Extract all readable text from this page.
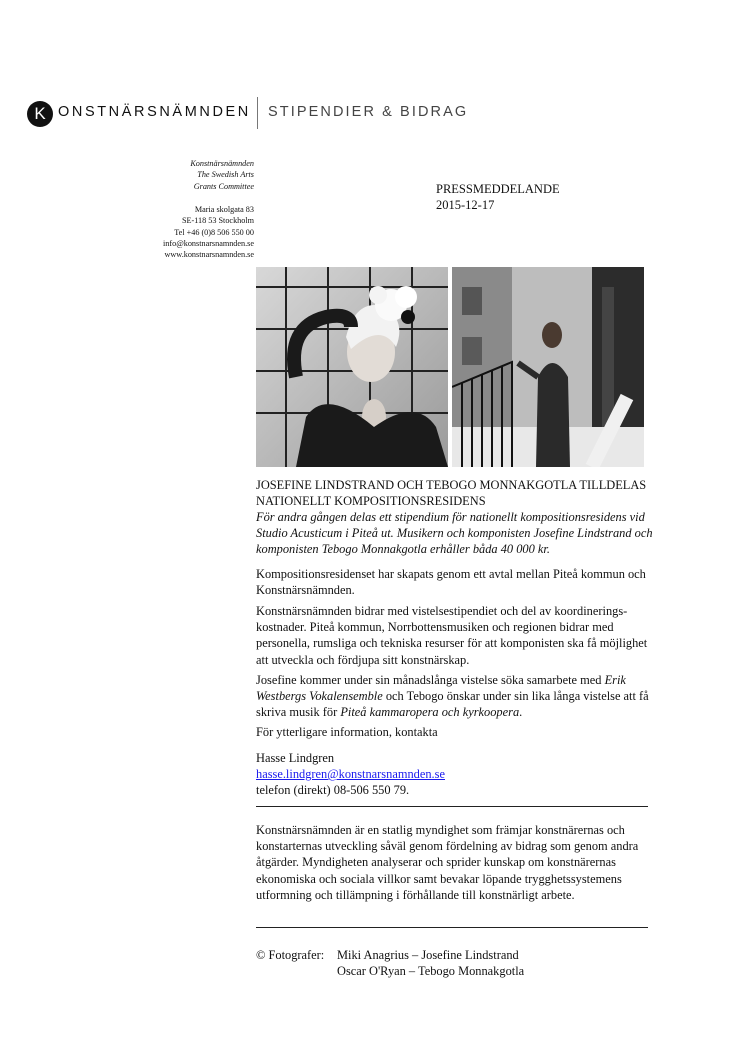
K ONSTNÄRSNÄMNDEN STIPENDIER & BIDRAG
Konstnärsnämnden
The Swedish Arts
Grants Committee
Maria skolgata 83
SE-118 53 Stockholm
Tel +46 (0)8 506 550 00
info@konstnarsnamnden.se
www.konstnarsnamnden.se
PRESSMEDDELANDE
2015-12-17

JOSEFINE LINDSTRAND OCH TEBOGO MONNAKGOTLA TILLDELAS NATIONELLT KOMPOSITIONSRESIDENS

För andra gången delas ett stipendium för nationellt kompositionsresidens vid Studio Acusticum i Piteå ut. Musikern och komponisten Josefine Lindstrand och komponisten Tebogo Monnakgotla erhåller båda 40 000 kr.

Kompositionsresidenset har skapats genom ett avtal mellan Piteå kommun och Konstnärsnämnden.

Konstnärsnämnden bidrar med vistelsestipendiet och del av koordinerings-kostnader. Piteå kommun, Norrbottensmusiken och regionen bidrar med personella, rumsliga och tekniska resurser för att komponisten ska få möjlighet att utveckla och fördjupa sitt konstnärskap.

Josefine kommer under sin månadslånga vistelse söka samarbete med Erik Westbergs Vokalensemble och Tebogo önskar under sin lika långa vistelse att få skriva musik för Piteå kammaropera och kyrkoopera.

För ytterligare information, kontakta

Hasse Lindgren
hasse.lindgren@konstnarsnamnden.se
telefon (direkt) 08-506 550 79.

Konstnärsnämnden är en statlig myndighet som främjar konstnärernas och konstarternas utveckling såväl genom fördelning av bidrag som genom andra åtgärder. Myndigheten analyserar och sprider kunskap om konstnärernas ekonomiska och sociala villkor samt bevakar löpande trygghetssystemens utformning och tillämpning i förhållande till konstnärligt arbete.

© Fotografer: Miki Anagrius – Josefine Lindstrand
Oscar O'Ryan – Tebogo Monnakgotla
